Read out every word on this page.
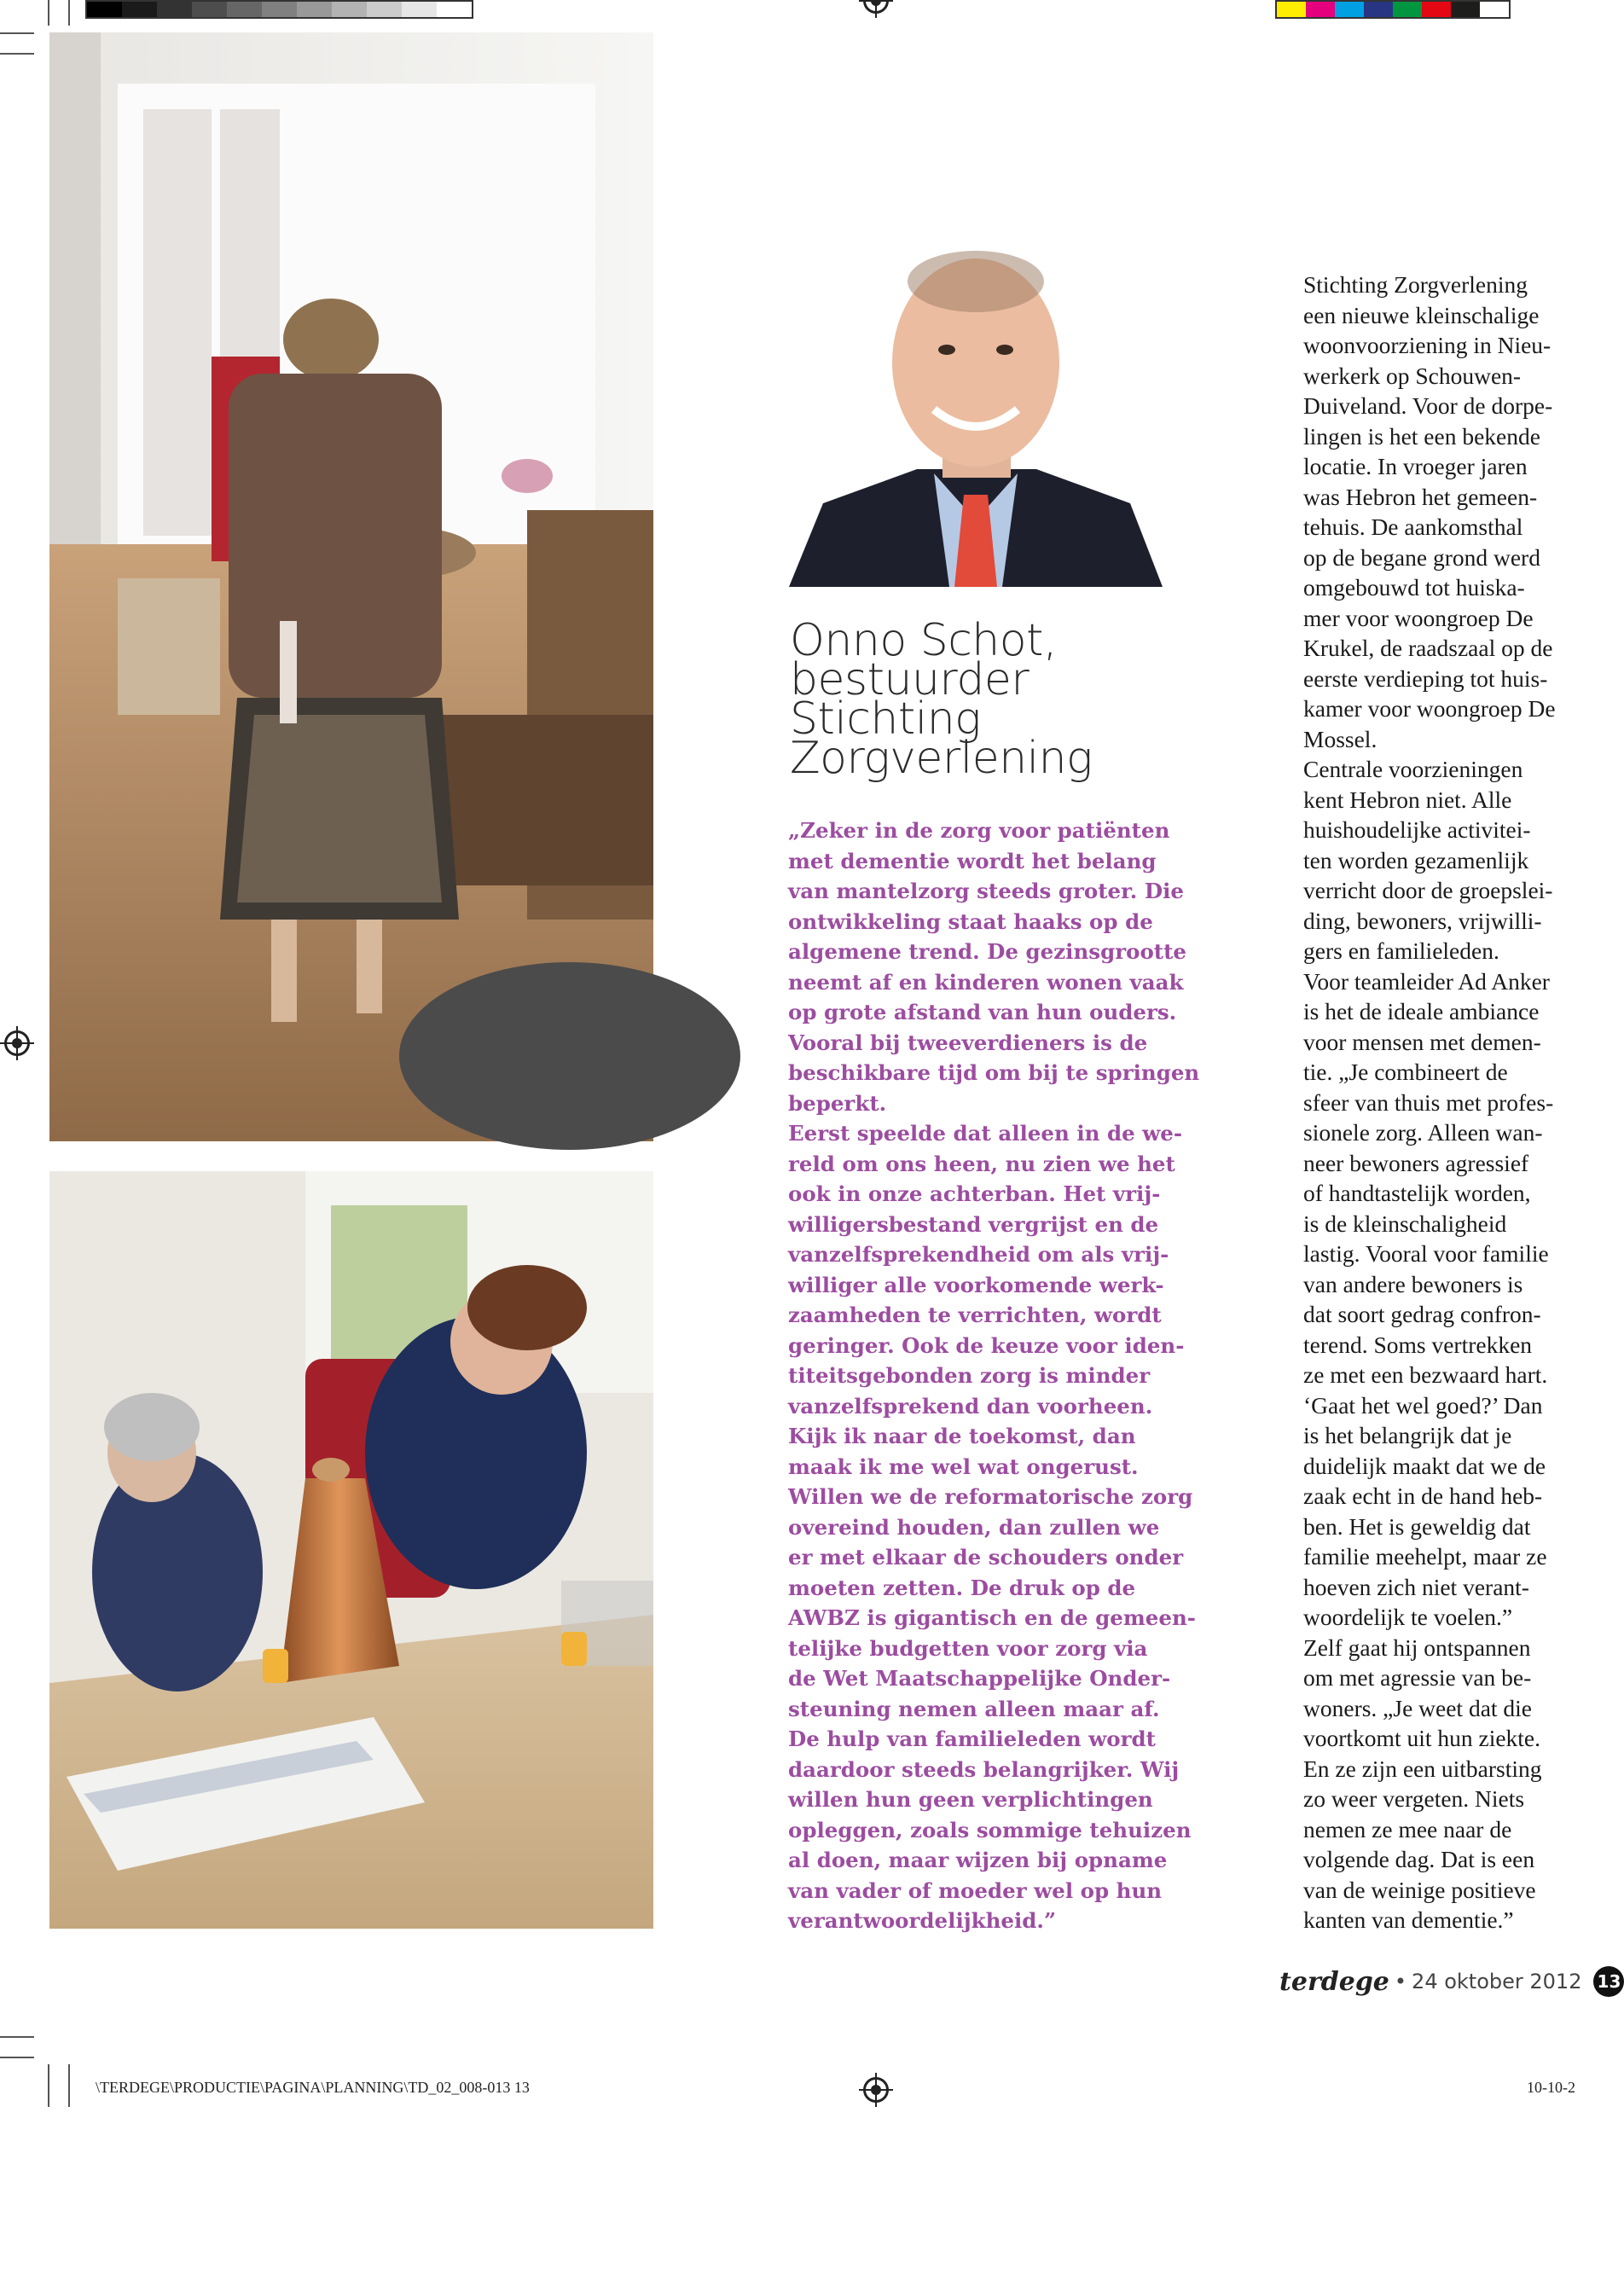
Onno Schot,
bestuurder
Stichting
Zorgverlening
„Zeker in de zorg voor patiënten
met dementie wordt het belang
van mantelzorg steeds groter. Die
ontwikkeling staat haaks op de
algemene trend. De gezinsgrootte
neemt af en kinderen wonen vaak
op grote afstand van hun ouders.
Vooral bij tweeverdieners is de
beschikbare tijd om bij te springen
beperkt.
Eerst speelde dat alleen in de we-
reld om ons heen, nu zien we het
ook in onze achterban. Het vrij-
willigersbestand vergrijst en de
vanzelfsprekendheid om als vrij-
williger alle voorkomende werk-
zaamheden te verrichten, wordt
geringer. Ook de keuze voor iden-
titeitsgebonden zorg is minder
vanzelfsprekend dan voorheen.
Kijk ik naar de toekomst, dan
maak ik me wel wat ongerust.
Willen we de reformatorische zorg
overeind houden, dan zullen we
er met elkaar de schouders onder
moeten zetten. De druk op de
AWBZ is gigantisch en de gemeen-
telijke budgetten voor zorg via
de Wet Maatschappelijke Onder-
steuning nemen alleen maar af.
De hulp van familieleden wordt
daardoor steeds belangrijker. Wij
willen hun geen verplichtingen
opleggen, zoals sommige tehuizen
al doen, maar wijzen bij opname
van vader of moeder wel op hun
verantwoordelijkheid.”
Stichting Zorgverlening
een nieuwe kleinschalige
woonvoorziening in Nieu-
werkerk op Schouwen-
Duiveland. Voor de dorpe-
lingen is het een bekende
locatie. In vroeger jaren
was Hebron het gemeen-
tehuis. De aankomsthal
op de begane grond werd
omgebouwd tot huiska-
mer voor woongroep De
Krukel, de raadszaal op de
eerste verdieping tot huis-
kamer voor woongroep De
Mossel.
Centrale voorzieningen
kent Hebron niet. Alle
huishoudelijke activitei-
ten worden gezamenlijk
verricht door de groepslei-
ding, bewoners, vrijwilli-
gers en familieleden.
Voor teamleider Ad Anker
is het de ideale ambiance
voor mensen met demen-
tie. „Je combineert de
sfeer van thuis met profes-
sionele zorg. Alleen wan-
neer bewoners agressief
of handtastelijk worden,
is de kleinschaligheid
lastig. Vooral voor familie
van andere bewoners is
dat soort gedrag confron-
terend. Soms vertrekken
ze met een bezwaard hart.
‘Gaat het wel goed?’ Dan
is het belangrijk dat je
duidelijk maakt dat we de
zaak echt in de hand heb-
ben. Het is geweldig dat
familie meehelpt, maar ze
hoeven zich niet verant-
woordelijk te voelen.”
Zelf gaat hij ontspannen
om met agressie van be-
woners. „Je weet dat die
voortkomt uit hun ziekte.
En ze zijn een uitbarsting
zo weer vergeten. Niets
nemen ze mee naar de
volgende dag. Dat is een
van de weinige positieve
kanten van dementie.”
terdege • 24 oktober 2012 13
\TERDEGE\PRODUCTIE\PAGINA\PLANNING\TD_02_008-013 13	10-10-2
